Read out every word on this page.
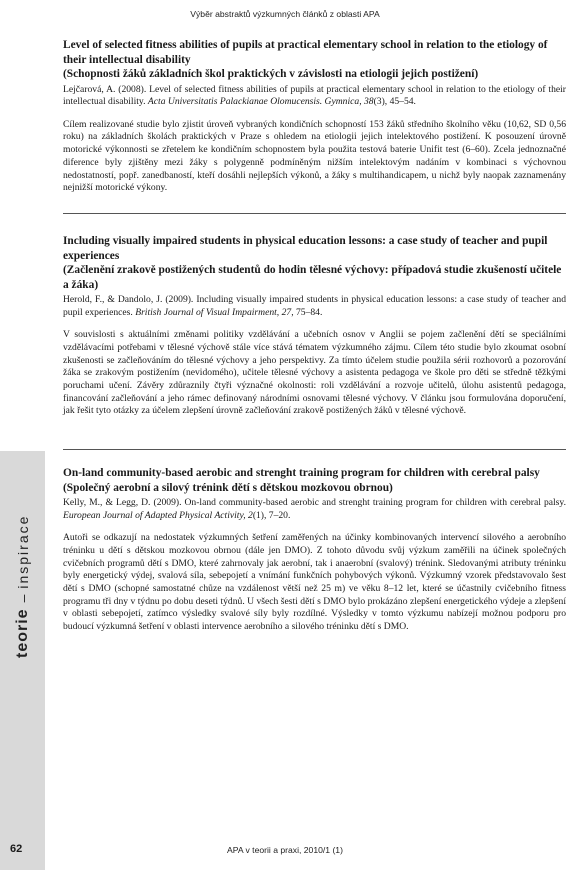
Výběr abstraktů výzkumných článků z oblasti APA
teorie
–
inspirace

Level of selected fitness abilities of pupils at practical elementary school in relation to the etiology of their intellectual disability

(Schopnosti žáků základních škol praktických v závislosti na etiologii jejich postižení)

Lejčarová, A. (2008). Level of selected fitness abilities of pupils at practical elementary school in relation to the etiology of their intellectual disability. Acta Universitatis Palackianae Olomucensis. Gymnica, 38(3), 45–54.

Cílem realizované studie bylo zjistit úroveň vybraných kondičních schopností 153 žáků středního školního věku (10,62, SD 0,56 roku) na základních školách praktických v Praze s ohledem na etiologii jejich intelektového postižení. K posouzení úrovně motorické výkonnosti se zřetelem ke kondičním schopnostem byla použita testová baterie Unifit test (6–60). Zcela jednoznačné diference byly zjištěny mezi žáky s polygenně podmíněným nižším intelektovým nadáním v kombinaci s výchovnou nedostatností, popř. zanedbaností, kteří dosáhli nejlepších výkonů, a žáky s multihandicapem, u nichž byly naopak zaznamenány nejnižší motorické výkony.

Including visually impaired students in physical education lessons: a case study of teacher and pupil experiences

(Začlenění zrakově postižených studentů do hodin tělesné výchovy: případová studie zkušeností učitele a žáka)

Herold, F., & Dandolo, J. (2009). Including visually impaired students in physical education lessons: a case study of teacher and pupil experiences. British Journal of Visual Impairment, 27, 75–84.

V souvislosti s aktuálními změnami politiky vzdělávání a učebních osnov v Anglii se pojem začlenění dětí se speciálními vzdělávacími potřebami v tělesné výchově stále více stává tématem výzkumného zájmu. Cílem této studie bylo zkoumat osobní zkušenosti se začleňováním do tělesné výchovy a jeho perspektivy. Za tímto účelem studie použila sérii rozhovorů a pozorování žáka se zrakovým postižením (nevidomého), učitele tělesné výchovy a asistenta pedagoga ve škole pro děti se středně těžkými poruchami učení. Závěry zdůraznily čtyři význačné okolnosti: roli vzdělávání a rozvoje učitelů, úlohu asistentů pedagoga, financování začleňování a jeho rámec definovaný národními osnovami tělesné výchovy. V článku jsou formulována doporučení, jak řešit tyto otázky za účelem zlepšení úrovně začleňování zrakově postižených žáků v tělesné výchově.

On-land community-based aerobic and strenght training program for children with cerebral palsy

(Společný aerobní a silový trénink dětí s dětskou mozkovou obrnou)

Kelly, M., & Legg, D. (2009). On-land community-based aerobic and strenght training program for children with cerebral palsy. European Journal of Adapted Physical Activity, 2(1), 7–20.

Autoři se odkazují na nedostatek výzkumných šetření zaměřených na účinky kombinovaných intervencí silového a aerobního tréninku u dětí s dětskou mozkovou obrnou (dále jen DMO). Z tohoto důvodu svůj výzkum zaměřili na účinek společných cvičebních programů dětí s DMO, které zahrnovaly jak aerobní, tak i anaerobní (svalový) trénink. Sledovanými atributy tréninku byly energetický výdej, svalová síla, sebepojetí a vnímání funkčních pohybových výkonů. Výzkumný vzorek představovalo šest dětí s DMO (schopné samostatné chůze na vzdálenost větší než 25 m) ve věku 8–12 let, které se účastnily cvičebního fitness programu tři dny v týdnu po dobu deseti týdnů. U všech šesti dětí s DMO bylo prokázáno zlepšení energetického výdeje a zlepšení v oblasti sebepojetí, zatímco výsledky svalové síly byly rozdílné. Výsledky v tomto výzkumu nabízejí možnou podporu pro budoucí výzkumná šetření v oblasti intervence aerobního a silového tréninku dětí s DMO.

62	APA v teorii a praxi, 2010/1 (1)
